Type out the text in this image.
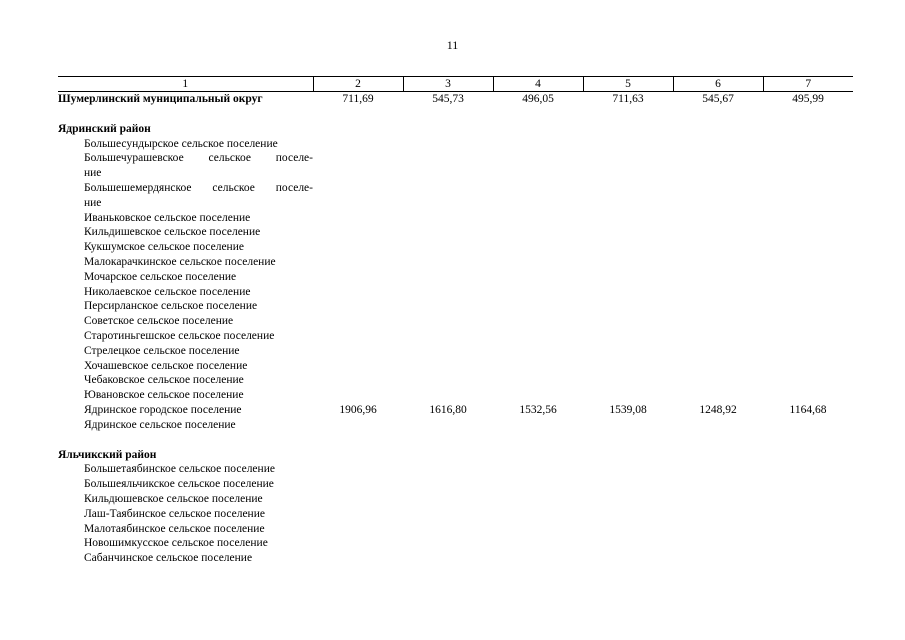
11
1	2	3	4	5	6	7
Шумерлинский муниципальный округ	711,69	545,73	496,05	711,63	545,67	495,99

Ядринский район						
Большесундырское сельское поселение						

Большечурашевское сельское поселе-
ние						

Большешемердянское сельское поселе-
ние						
Иваньковское сельское поселение						
Кильдишевское сельское поселение						
Кукшумское сельское поселение						
Малокарачкинское сельское поселение						
Мочарское сельское поселение						
Николаевское сельское поселение						
Персирланское сельское поселение						
Советское сельское поселение						
Старотиньгешское сельское поселение						
Стрелецкое сельское поселение						
Хочашевское сельское поселение						
Чебаковское сельское поселение						
Ювановское сельское поселение						
Ядринское городское поселение	1906,96	1616,80	1532,56	1539,08	1248,92	1164,68
Ядринское сельское поселение						

Яльчикский район						
Большетаябинское сельское поселение						
Большеяльчикское сельское поселение						
Кильдюшевское сельское поселение						
Лаш-Таябинское сельское поселение						
Малотаябинское сельское поселение						
Новошимкусское сельское поселение						
Сабанчинское сельское поселение						
